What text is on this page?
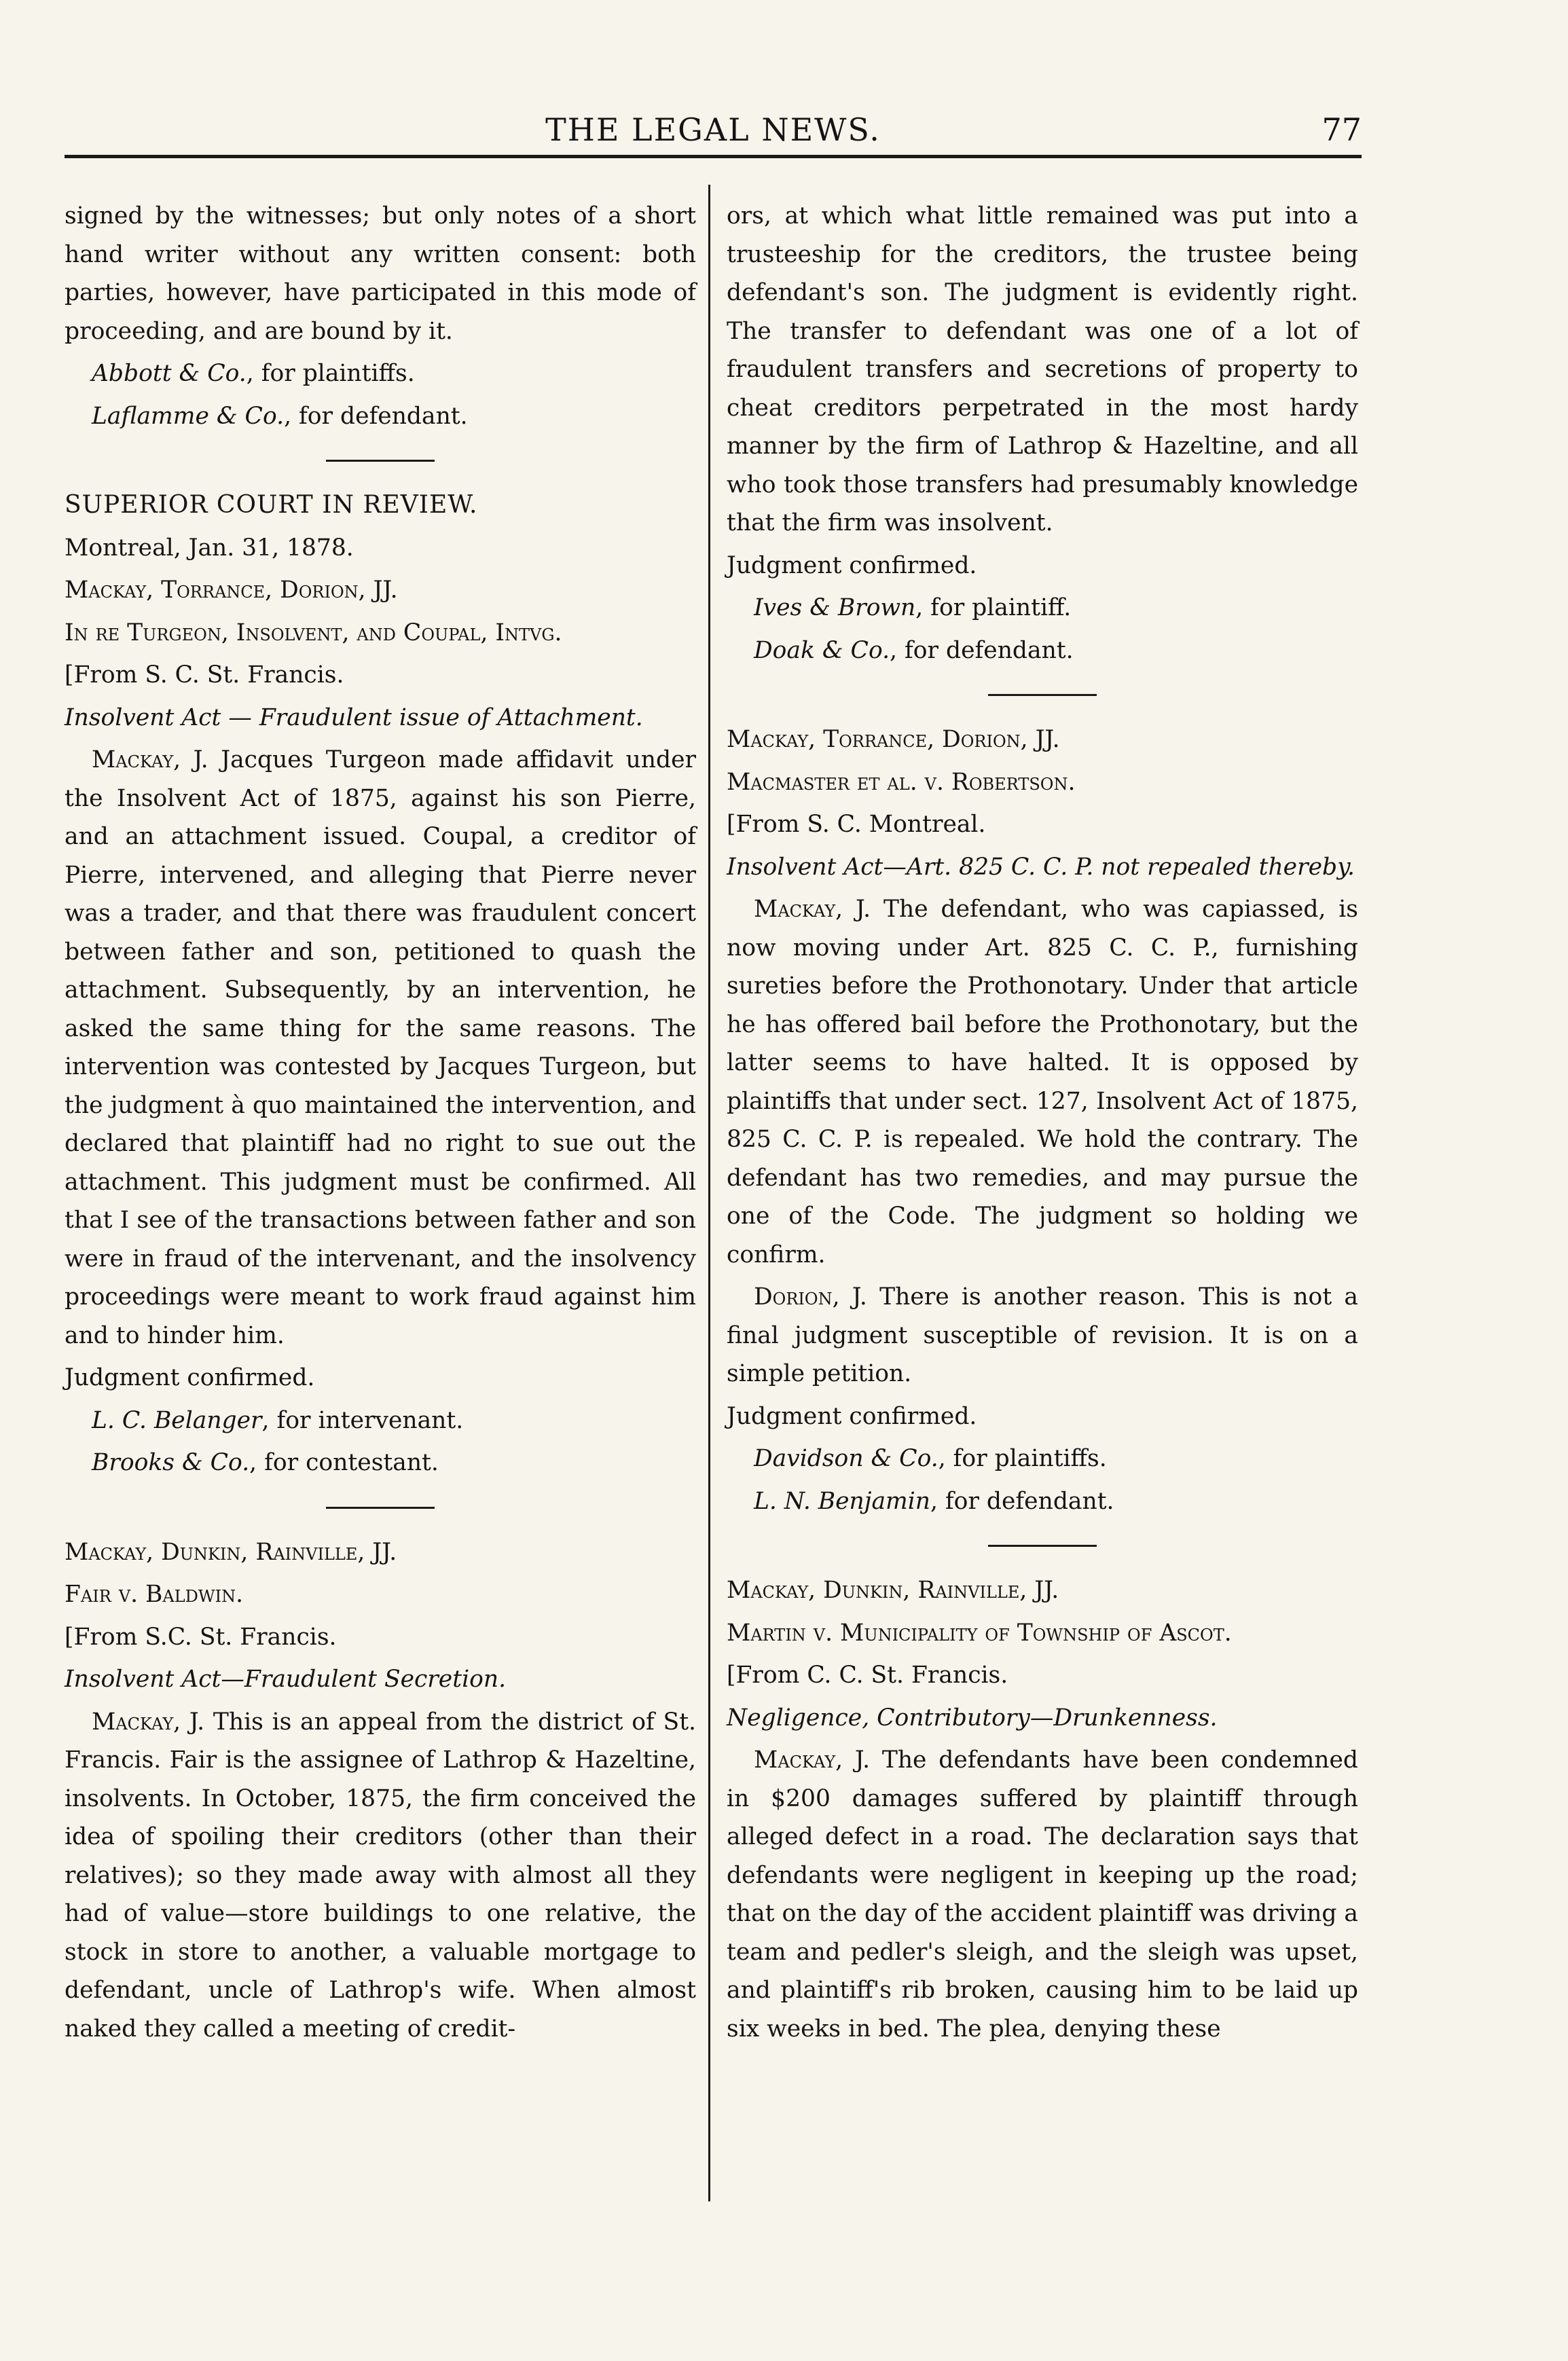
THE LEGAL NEWS.	77

signed by the witnesses; but only notes of a short hand writer without any written consent: both parties, however, have participated in this mode of proceeding, and are bound by it.

Abbott & Co., for plaintiffs.

Laflamme & Co., for defendant.

SUPERIOR COURT IN REVIEW.

Montreal, Jan. 31, 1878.

Mackay, Torrance, Dorion, JJ.

In re Turgeon, Insolvent, and Coupal, Intvg.

[From S. C. St. Francis.

Insolvent Act — Fraudulent issue of Attachment.

Mackay, J. Jacques Turgeon made affidavit under the Insolvent Act of 1875, against his son Pierre, and an attachment issued. Coupal, a creditor of Pierre, intervened, and alleging that Pierre never was a trader, and that there was fraudulent concert between father and son, petitioned to quash the attachment. Subsequently, by an intervention, he asked the same thing for the same reasons. The intervention was contested by Jacques Turgeon, but the judgment à quo maintained the intervention, and declared that plaintiff had no right to sue out the attachment. This judgment must be confirmed. All that I see of the transactions between father and son were in fraud of the intervenant, and the insolvency proceedings were meant to work fraud against him and to hinder him.

Judgment confirmed.

L. C. Belanger, for intervenant.

Brooks & Co., for contestant.

Mackay, Dunkin, Rainville, JJ.

Fair v. Baldwin.

[From S.C. St. Francis.

Insolvent Act—Fraudulent Secretion.

Mackay, J. This is an appeal from the district of St. Francis. Fair is the assignee of Lathrop & Hazeltine, insolvents. In October, 1875, the firm conceived the idea of spoiling their creditors (other than their relatives); so they made away with almost all they had of value—store buildings to one relative, the stock in store to another, a valuable mortgage to defendant, uncle of Lathrop's wife. When almost naked they called a meeting of credit-

ors, at which what little remained was put into a trusteeship for the creditors, the trustee being defendant's son. The judgment is evidently right. The transfer to defendant was one of a lot of fraudulent transfers and secretions of property to cheat creditors perpetrated in the most hardy manner by the firm of Lathrop & Hazeltine, and all who took those transfers had presumably knowledge that the firm was insolvent.

Judgment confirmed.

Ives & Brown, for plaintiff.

Doak & Co., for defendant.

Mackay, Torrance, Dorion, JJ.

Macmaster et al. v. Robertson.

[From S. C. Montreal.

Insolvent Act—Art. 825 C. C. P. not repealed thereby.

Mackay, J. The defendant, who was capiassed, is now moving under Art. 825 C. C. P., furnishing sureties before the Prothonotary. Under that article he has offered bail before the Prothonotary, but the latter seems to have halted. It is opposed by plaintiffs that under sect. 127, Insolvent Act of 1875, 825 C. C. P. is repealed. We hold the contrary. The defendant has two remedies, and may pursue the one of the Code. The judgment so holding we confirm.

Dorion, J. There is another reason. This is not a final judgment susceptible of revision. It is on a simple petition.

Judgment confirmed.

Davidson & Co., for plaintiffs.

L. N. Benjamin, for defendant.

Mackay, Dunkin, Rainville, JJ.

Martin v. Municipality of Township of Ascot.

[From C. C. St. Francis.

Negligence, Contributory—Drunkenness.

Mackay, J. The defendants have been condemned in $200 damages suffered by plaintiff through alleged defect in a road. The declaration says that defendants were negligent in keeping up the road; that on the day of the accident plaintiff was driving a team and pedler's sleigh, and the sleigh was upset, and plaintiff's rib broken, causing him to be laid up six weeks in bed. The plea, denying these
